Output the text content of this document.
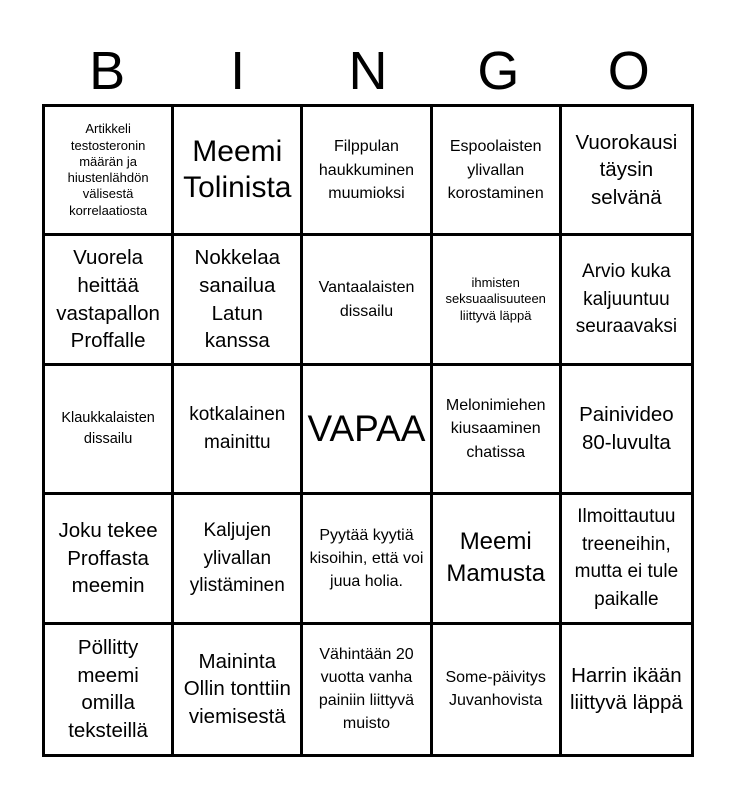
B	I	N	G	O
Artikkeli testosteronin määrän ja hiustenlähdön välisestä korrelaatiosta
Meemi Tolinista
Filppulan haukkuminen muumioksi
Espoolaisten ylivallan korostaminen
Vuorokausi täysin selvänä
Vuorela heittää vastapallon Proffalle
Nokkelaa sanailua Latun kanssa
Vantaalaisten dissailu
ihmisten seksuaalisuuteen liittyvä läppä
Arvio kuka kaljuuntuu seuraavaksi
Klaukkalaisten dissailu
kotkalainen mainittu	VAPAA
Melonimiehen kiusaaminen chatissa
Painivideo 80-luvulta
Joku tekee Proffasta meemin
Kaljujen ylivallan ylistäminen
Pyytää kyytiä kisoihin, että voi juua holia.
Meemi Mamusta
Ilmoittautuu treeneihin, mutta ei tule paikalle
Pöllitty meemi omilla teksteillä
Maininta Ollin tonttiin viemisestä
Vähintään 20 vuotta vanha painiin liittyvä muisto
Some-päivitys Juvanhovista
Harrin ikään liittyvä läppä
